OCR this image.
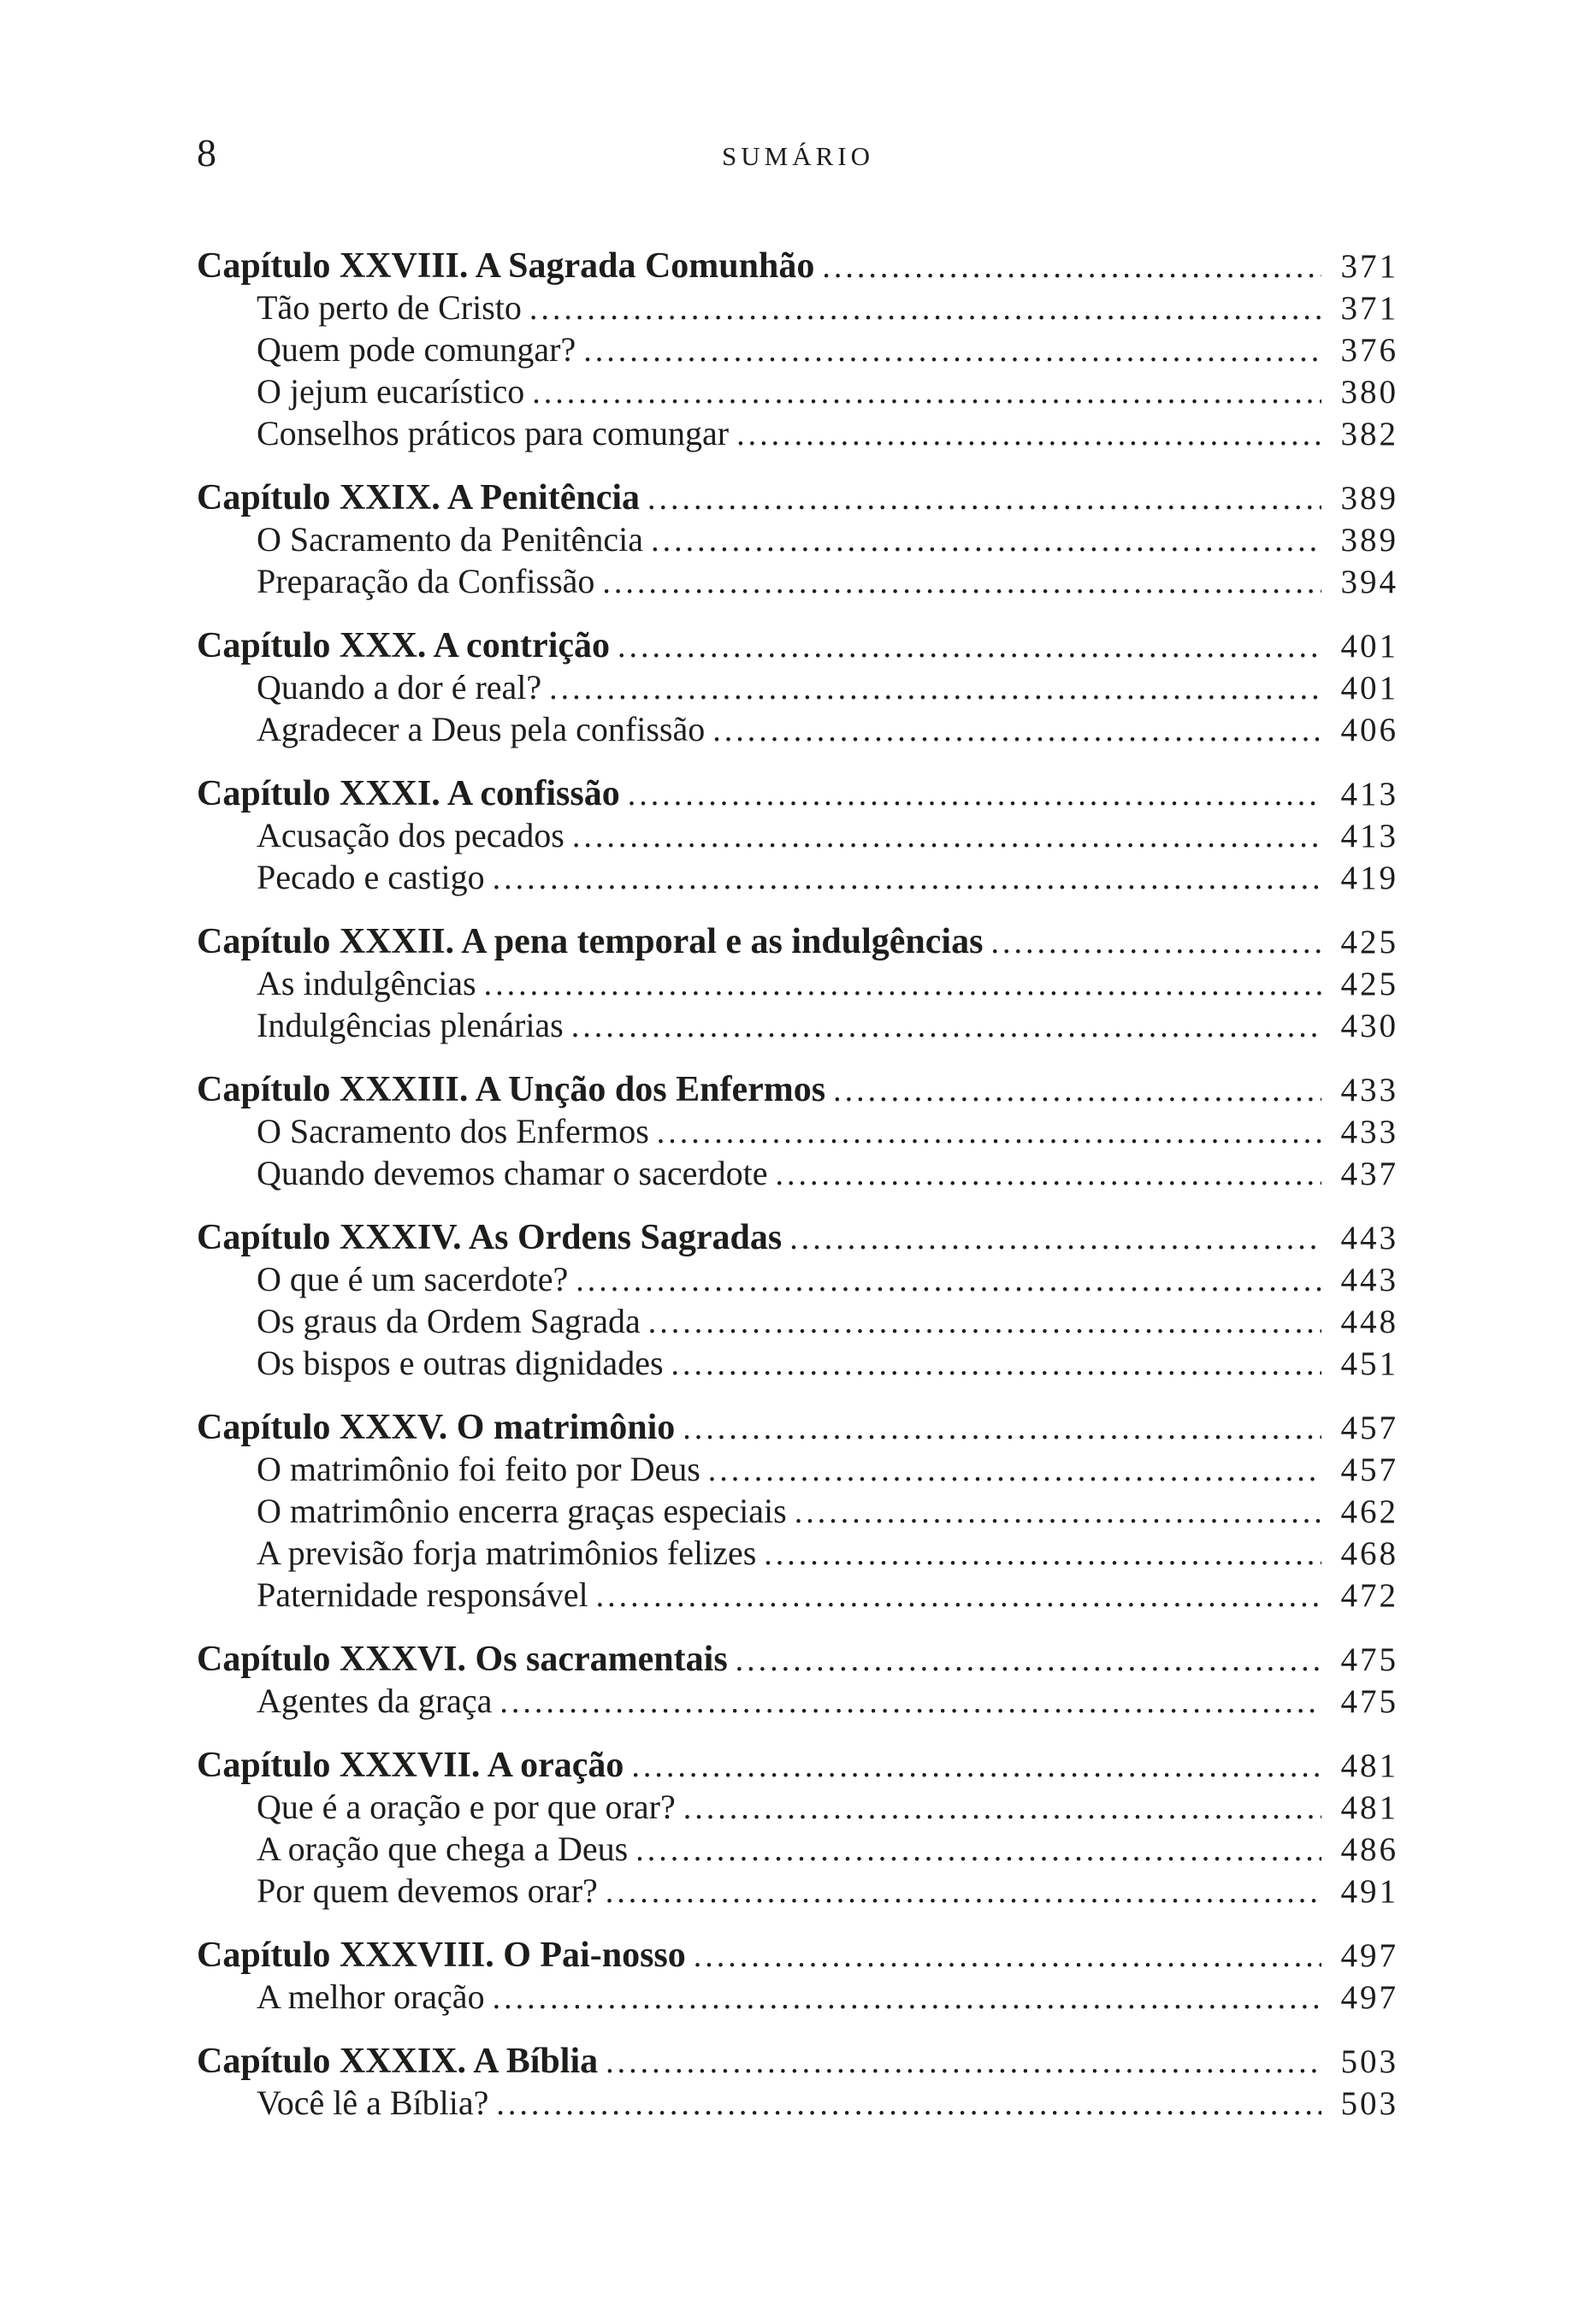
8	SUMÁRIO
Capítulo XXVIII. A Sagrada Comunhão .....	371
Tão perto de Cristo .....	371
Quem pode comungar? .....	376
O jejum eucarístico .....	380
Conselhos práticos para comungar .....	382
Capítulo XXIX. A Penitência .....	389
O Sacramento da Penitência .....	389
Preparação da Confissão .....	394
Capítulo XXX. A contrição .....	401
Quando a dor é real? .....	401
Agradecer a Deus pela confissão .....	406
Capítulo XXXI. A confissão .....	413
Acusação dos pecados .....	413
Pecado e castigo .....	419
Capítulo XXXII. A pena temporal e as indulgências .....	425
As indulgências .....	425
Indulgências plenárias .....	430
Capítulo XXXIII. A Unção dos Enfermos .....	433
O Sacramento dos Enfermos .....	433
Quando devemos chamar o sacerdote .....	437
Capítulo XXXIV. As Ordens Sagradas .....	443
O que é um sacerdote? .....	443
Os graus da Ordem Sagrada .....	448
Os bispos e outras dignidades .....	451
Capítulo XXXV. O matrimônio .....	457
O matrimônio foi feito por Deus .....	457
O matrimônio encerra graças especiais .....	462
A previsão forja matrimônios felizes .....	468
Paternidade responsável .....	472
Capítulo XXXVI. Os sacramentais .....	475
Agentes da graça .....	475
Capítulo XXXVII. A oração .....	481
Que é a oração e por que orar? .....	481
A oração que chega a Deus .....	486
Por quem devemos orar? .....	491
Capítulo XXXVIII. O Pai-nosso .....	497
A melhor oração .....	497
Capítulo XXXIX. A Bíblia .....	503
Você lê a Bíblia? .....	503
